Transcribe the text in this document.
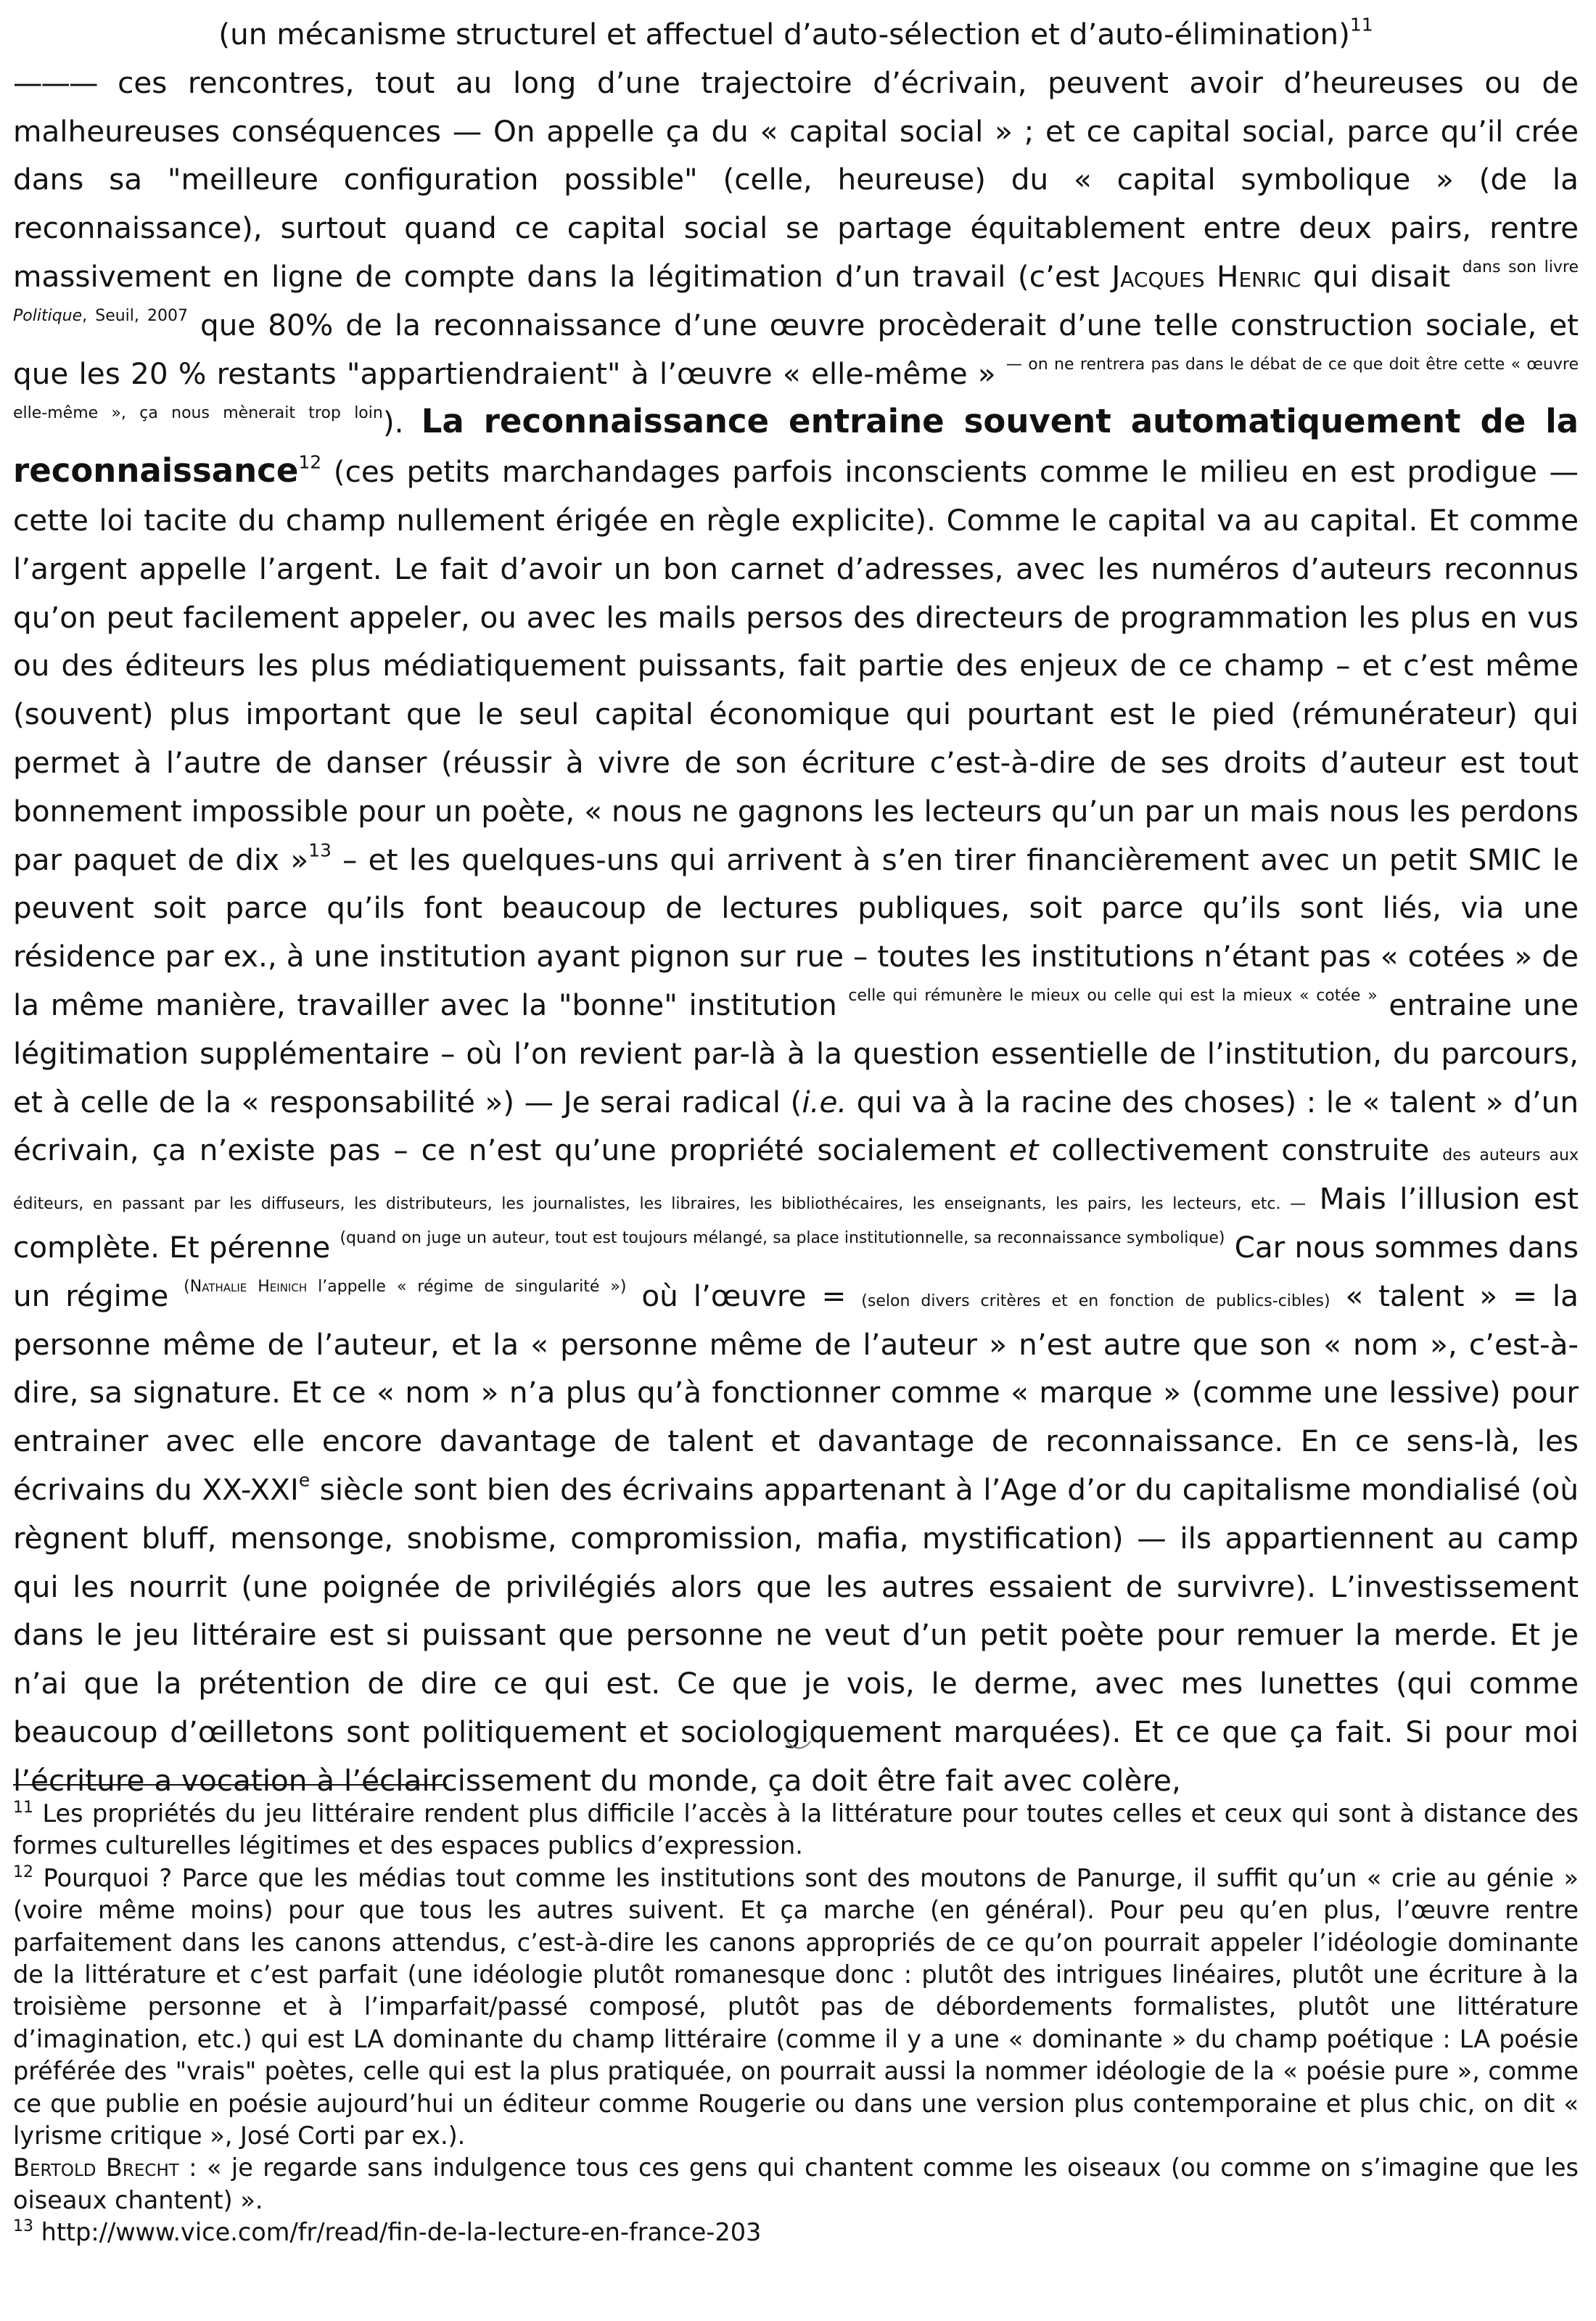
(un mécanisme structurel et affectuel d’auto-sélection et d’auto-élimination)$^{11}$

——— ces rencontres, tout au long d’une trajectoire d’écrivain, peuvent avoir d’heureuses ou de malheureuses conséquences — On appelle ça du « capital social » ; et ce capital social, parce qu’il crée dans sa "meilleure configuration possible" (celle, heureuse) du « capital symbolique » (de la reconnaissance), surtout quand ce capital social se partage équitablement entre deux pairs, rentre massivement en ligne de compte dans la légitimation d’un travail (c’est Jacques Henric qui disait $^{dans son livre Politique, Seuil, 2007}$ que 80% de la reconnaissance d’une œuvre procèderait d’une telle construction sociale, et que les 20 % restants "appartiendraient" à l’œuvre « elle-même » $^{— on ne rentrera pas dans le débat de ce que doit être cette « œuvre elle-même », ça nous mènerait trop loin}$). La reconnaissance entraine souvent automatiquement de la reconnaissance$^{12}$ (ces petits marchandages parfois inconscients comme le milieu en est prodigue — cette loi tacite du champ nullement érigée en règle explicite). Comme le capital va au capital. Et comme l’argent appelle l’argent. Le fait d’avoir un bon carnet d’adresses, avec les numéros d’auteurs reconnus qu’on peut facilement appeler, ou avec les mails persos des directeurs de programmation les plus en vus ou des éditeurs les plus médiatiquement puissants, fait partie des enjeux de ce champ – et c’est même (souvent) plus important que le seul capital économique qui pourtant est le pied (rémunérateur) qui permet à l’autre de danser (réussir à vivre de son écriture c’est-à-dire de ses droits d’auteur est tout bonnement impossible pour un poète, « nous ne gagnons les lecteurs qu’un par un mais nous les perdons par paquet de dix »$^{13}$ – et les quelques-uns qui arrivent à s’en tirer financièrement avec un petit SMIC le peuvent soit parce qu’ils font beaucoup de lectures publiques, soit parce qu’ils sont liés, via une résidence par ex., à une institution ayant pignon sur rue – toutes les institutions n’étant pas « cotées » de la même manière, travailler avec la "bonne" institution $^{celle qui rémunère le mieux ou celle qui est la mieux « cotée »}$ entraine une légitimation supplémentaire – où l’on revient par-là à la question essentielle de l’institution, du parcours, et à celle de la « responsabilité ») — Je serai radical (i.e. qui va à la racine des choses) : le « talent » d’un écrivain, ça n’existe pas – ce n’est qu’une propriété socialement et collectivement construite des auteurs aux éditeurs, en passant par les diffuseurs, les distributeurs, les journalistes, les libraires, les bibliothécaires, les enseignants, les pairs, les lecteurs, etc. — Mais l’illusion est complète. Et pérenne $^{(quand on juge un auteur, tout est toujours mélangé, sa place institutionnelle, sa reconnaissance symbolique)}$ Car nous sommes dans un régime $^{(Nathalie Heinich l’appelle « régime de singularité »)}$ où l’œuvre = (selon divers critères et en fonction de publics-cibles) « talent » = la personne même de l’auteur, et la « personne même de l’auteur » n’est autre que son « nom », c’est-à-dire, sa signature. Et ce « nom » n’a plus qu’à fonctionner comme « marque » (comme une lessive) pour entrainer avec elle encore davantage de talent et davantage de reconnaissance. En ce sens-là, les écrivains du XX-XXIe siècle sont bien des écrivains appartenant à l’Age d’or du capitalisme mondialisé (où règnent bluff, mensonge, snobisme, compromission, mafia, mystification) — ils appartiennent au camp qui les nourrit (une poignée de privilégiés alors que les autres essaient de survivre). L’investissement dans le jeu littéraire est si puissant que personne ne veut d’un petit poète pour remuer la merde. Et je n’ai que la prétention de dire ce qui est. Ce que je vois, le derme, avec mes lunettes (qui comme beaucoup d’œilletons sont politiquement et sociologiquement marquées). Et ce que ça fait. Si pour moi l’écriture a vocation à l’éclaircissement du monde, ça doit être fait avec colère,

$^{11}$ Les propriétés du jeu littéraire rendent plus difficile l’accès à la littérature pour toutes celles et ceux qui sont à distance des formes culturelles légitimes et des espaces publics d’expression.

$^{12}$ Pourquoi ? Parce que les médias tout comme les institutions sont des moutons de Panurge, il suffit qu’un « crie au génie » (voire même moins) pour que tous les autres suivent. Et ça marche (en général). Pour peu qu’en plus, l’œuvre rentre parfaitement dans les canons attendus, c’est-à-dire les canons appropriés de ce qu’on pourrait appeler l’idéologie dominante de la littérature et c’est parfait (une idéologie plutôt romanesque donc : plutôt des intrigues linéaires, plutôt une écriture à la troisième personne et à l’imparfait/passé composé, plutôt pas de débordements formalistes, plutôt une littérature d’imagination, etc.) qui est LA dominante du champ littéraire (comme il y a une « dominante » du champ poétique : LA poésie préférée des "vrais" poètes, celle qui est la plus pratiquée, on pourrait aussi la nommer idéologie de la « poésie pure », comme ce que publie en poésie aujourd’hui un éditeur comme Rougerie ou dans une version plus contemporaine et plus chic, on dit « lyrisme critique », José Corti par ex.).
Bertold Brecht : « je regarde sans indulgence tous ces gens qui chantent comme les oiseaux (ou comme on s’imagine que les oiseaux chantent) ».

$^{13}$ http://www.vice.com/fr/read/fin-de-la-lecture-en-france-203
